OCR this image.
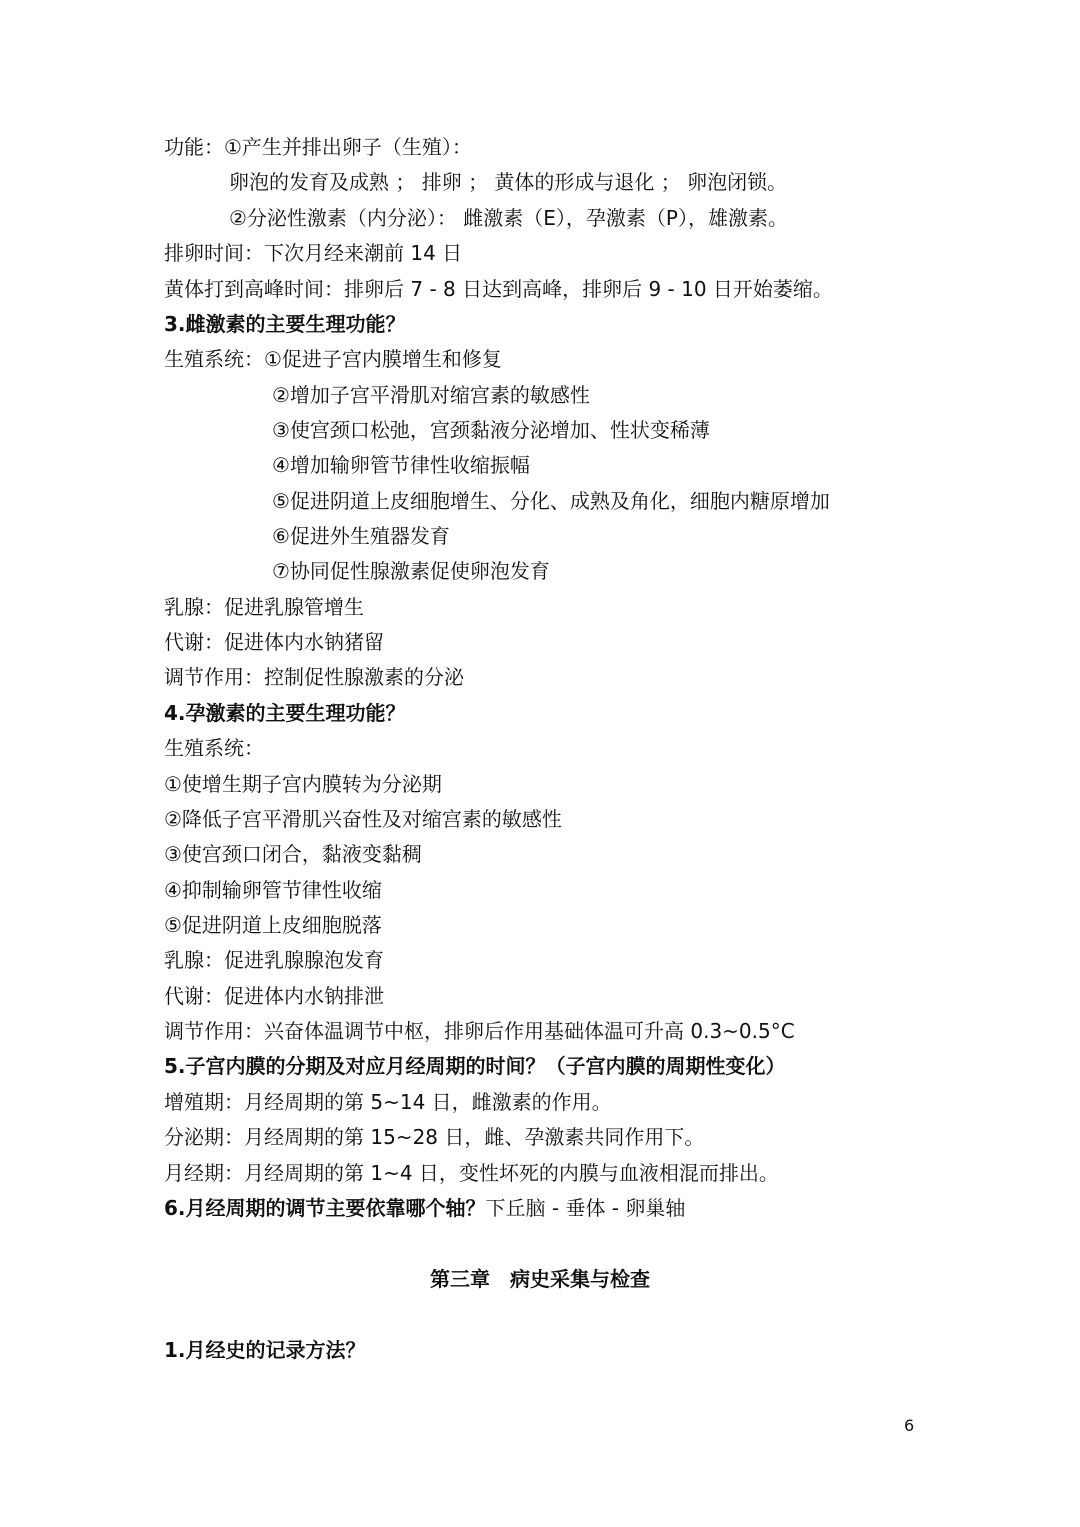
功能：①产生并排出卵子（生殖）：
卵泡的发育及成熟 ； 排卵 ； 黄体的形成与退化 ； 卵泡闭锁。
②分泌性激素（内分泌）： 雌激素（E），孕激素（P），雄激素。
排卵时间：下次月经来潮前 14 日
黄体打到高峰时间：排卵后 7 - 8 日达到高峰，排卵后 9 - 10 日开始萎缩。
3.雌激素的主要生理功能？
生殖系统：①促进子宫内膜增生和修复
②增加子宫平滑肌对缩宫素的敏感性
③使宫颈口松弛，宫颈黏液分泌增加、性状变稀薄
④增加输卵管节律性收缩振幅
⑤促进阴道上皮细胞增生、分化、成熟及角化，细胞内糖原增加
⑥促进外生殖器发育
⑦协同促性腺激素促使卵泡发育
乳腺：促进乳腺管增生
代谢：促进体内水钠猪留
调节作用：控制促性腺激素的分泌
4.孕激素的主要生理功能？
生殖系统：
①使增生期子宫内膜转为分泌期
②降低子宫平滑肌兴奋性及对缩宫素的敏感性
③使宫颈口闭合，黏液变黏稠
④抑制输卵管节律性收缩
⑤促进阴道上皮细胞脱落
乳腺：促进乳腺腺泡发育
代谢：促进体内水钠排泄
调节作用：兴奋体温调节中枢，排卵后作用基础体温可升高 0.3~0.5°C
5.子宫内膜的分期及对应月经周期的时间？（子宫内膜的周期性变化）
增殖期：月经周期的第 5~14 日，雌激素的作用。
分泌期：月经周期的第 15~28 日，雌、孕激素共同作用下。
月经期：月经周期的第 1~4 日，变性坏死的内膜与血液相混而排出。
6.月经周期的调节主要依靠哪个轴？下丘脑 - 垂体 - 卵巢轴
第三章　病史采集与检查
1.月经史的记录方法？
6
